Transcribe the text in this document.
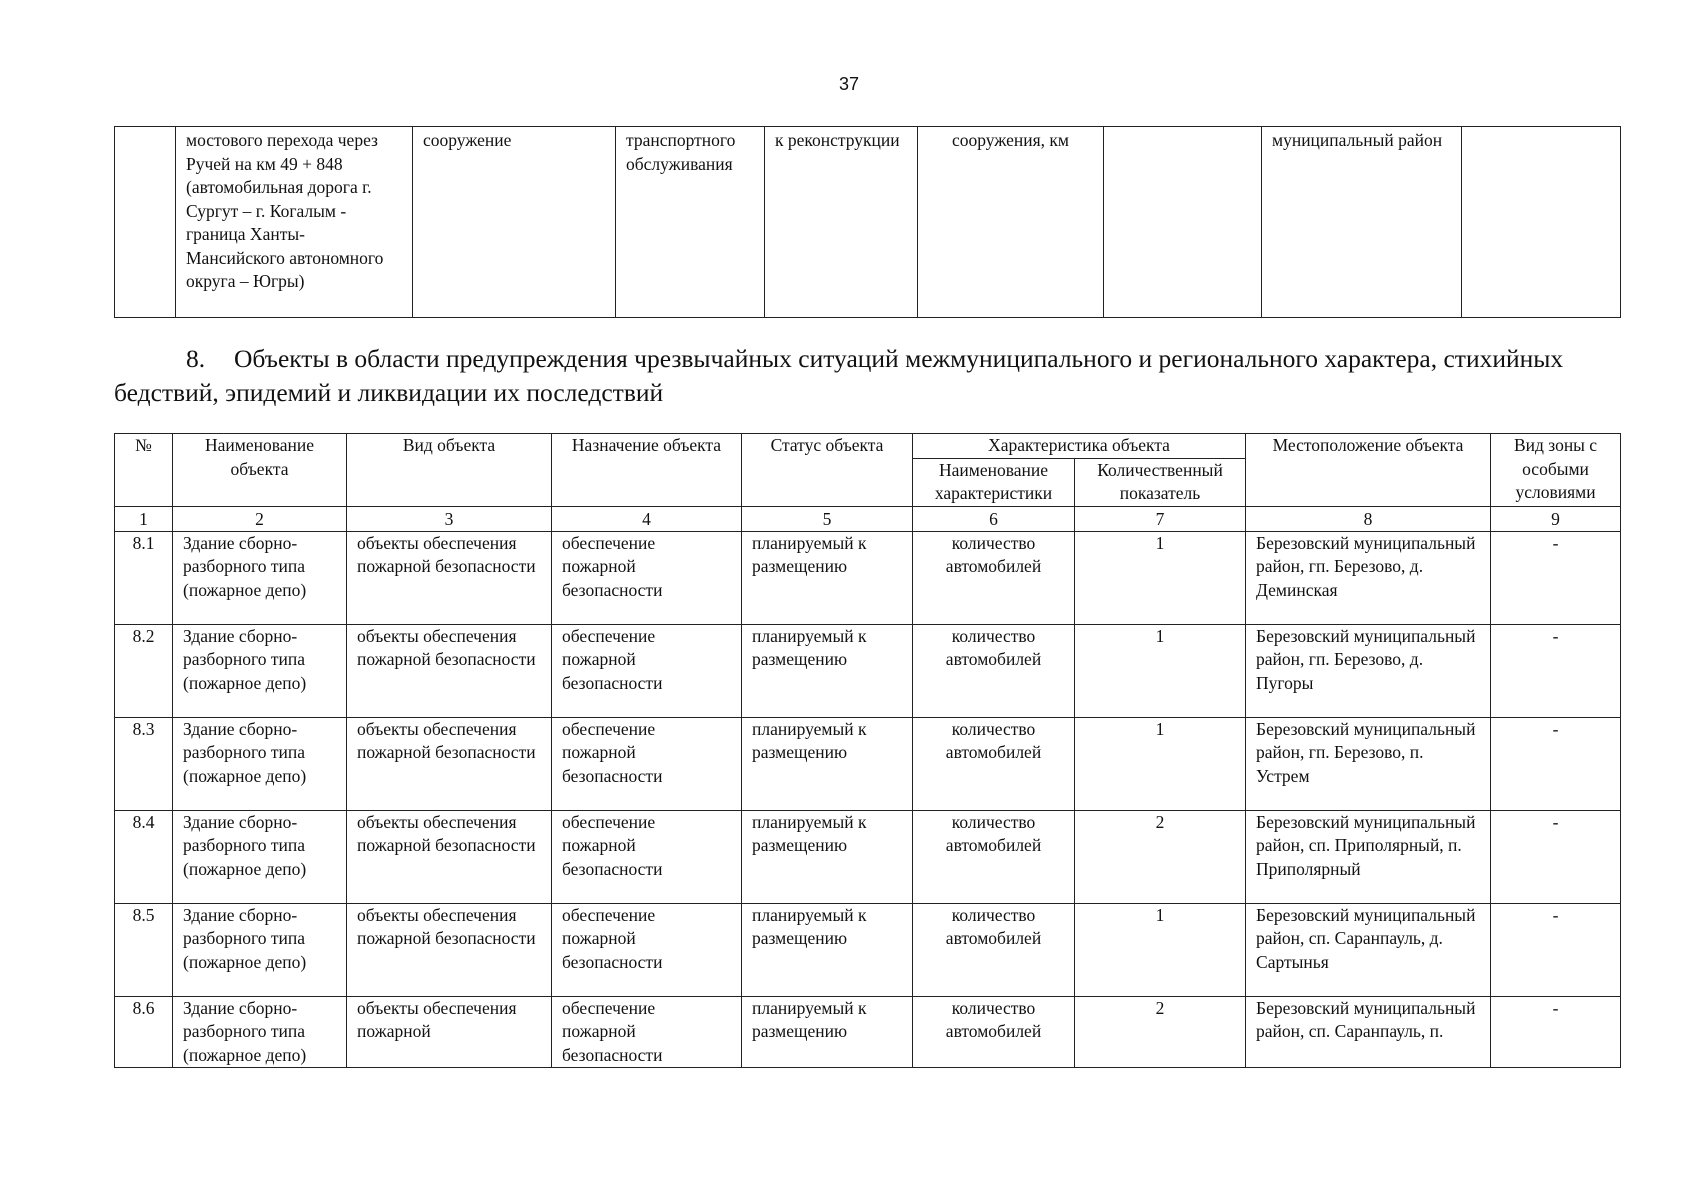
37
	мостового перехода через Ручей на км 49 + 848 (автомобильная дорога г. Сургут – г. Когалым - граница Ханты-Мансийского автономного округа – Югры)	сооружение	транспортного обслуживания	к реконструкции	сооружения, км		муниципальный район	
8. Объекты в области предупреждения чрезвычайных ситуаций межмуниципального и регионального характера, стихийных бедствий, эпидемий и ликвидации их последствий
№	Наименование объекта	Вид объекта	Назначение объекта	Статус объекта	Характеристика объекта		Местоположение объекта	Вид зоны с особыми условиями
					Наименование характеристики	Количественный показатель		
1	2	3	4	5	6	7	8	9
8.1	Здание сборно-разборного типа (пожарное депо)	объекты обеспечения пожарной безопасности	обеспечение пожарной безопасности	планируемый к размещению	количество автомобилей	1	Березовский муниципальный район, гп. Березово, д. Деминская	-
8.2	Здание сборно-разборного типа (пожарное депо)	объекты обеспечения пожарной безопасности	обеспечение пожарной безопасности	планируемый к размещению	количество автомобилей	1	Березовский муниципальный район, гп. Березово, д. Пугоры	-
8.3	Здание сборно-разборного типа (пожарное депо)	объекты обеспечения пожарной безопасности	обеспечение пожарной безопасности	планируемый к размещению	количество автомобилей	1	Березовский муниципальный район, гп. Березово, п. Устрем	-
8.4	Здание сборно-разборного типа (пожарное депо)	объекты обеспечения пожарной безопасности	обеспечение пожарной безопасности	планируемый к размещению	количество автомобилей	2	Березовский муниципальный район, сп. Приполярный, п. Приполярный	-
8.5	Здание сборно-разборного типа (пожарное депо)	объекты обеспечения пожарной безопасности	обеспечение пожарной безопасности	планируемый к размещению	количество автомобилей	1	Березовский муниципальный район, сп. Саранпауль, д. Сартынья	-
8.6	Здание сборно-разборного типа (пожарное депо)	объекты обеспечения пожарной	обеспечение пожарной безопасности	планируемый к размещению	количество автомобилей	2	Березовский муниципальный район, сп. Саранпауль, п.	-
